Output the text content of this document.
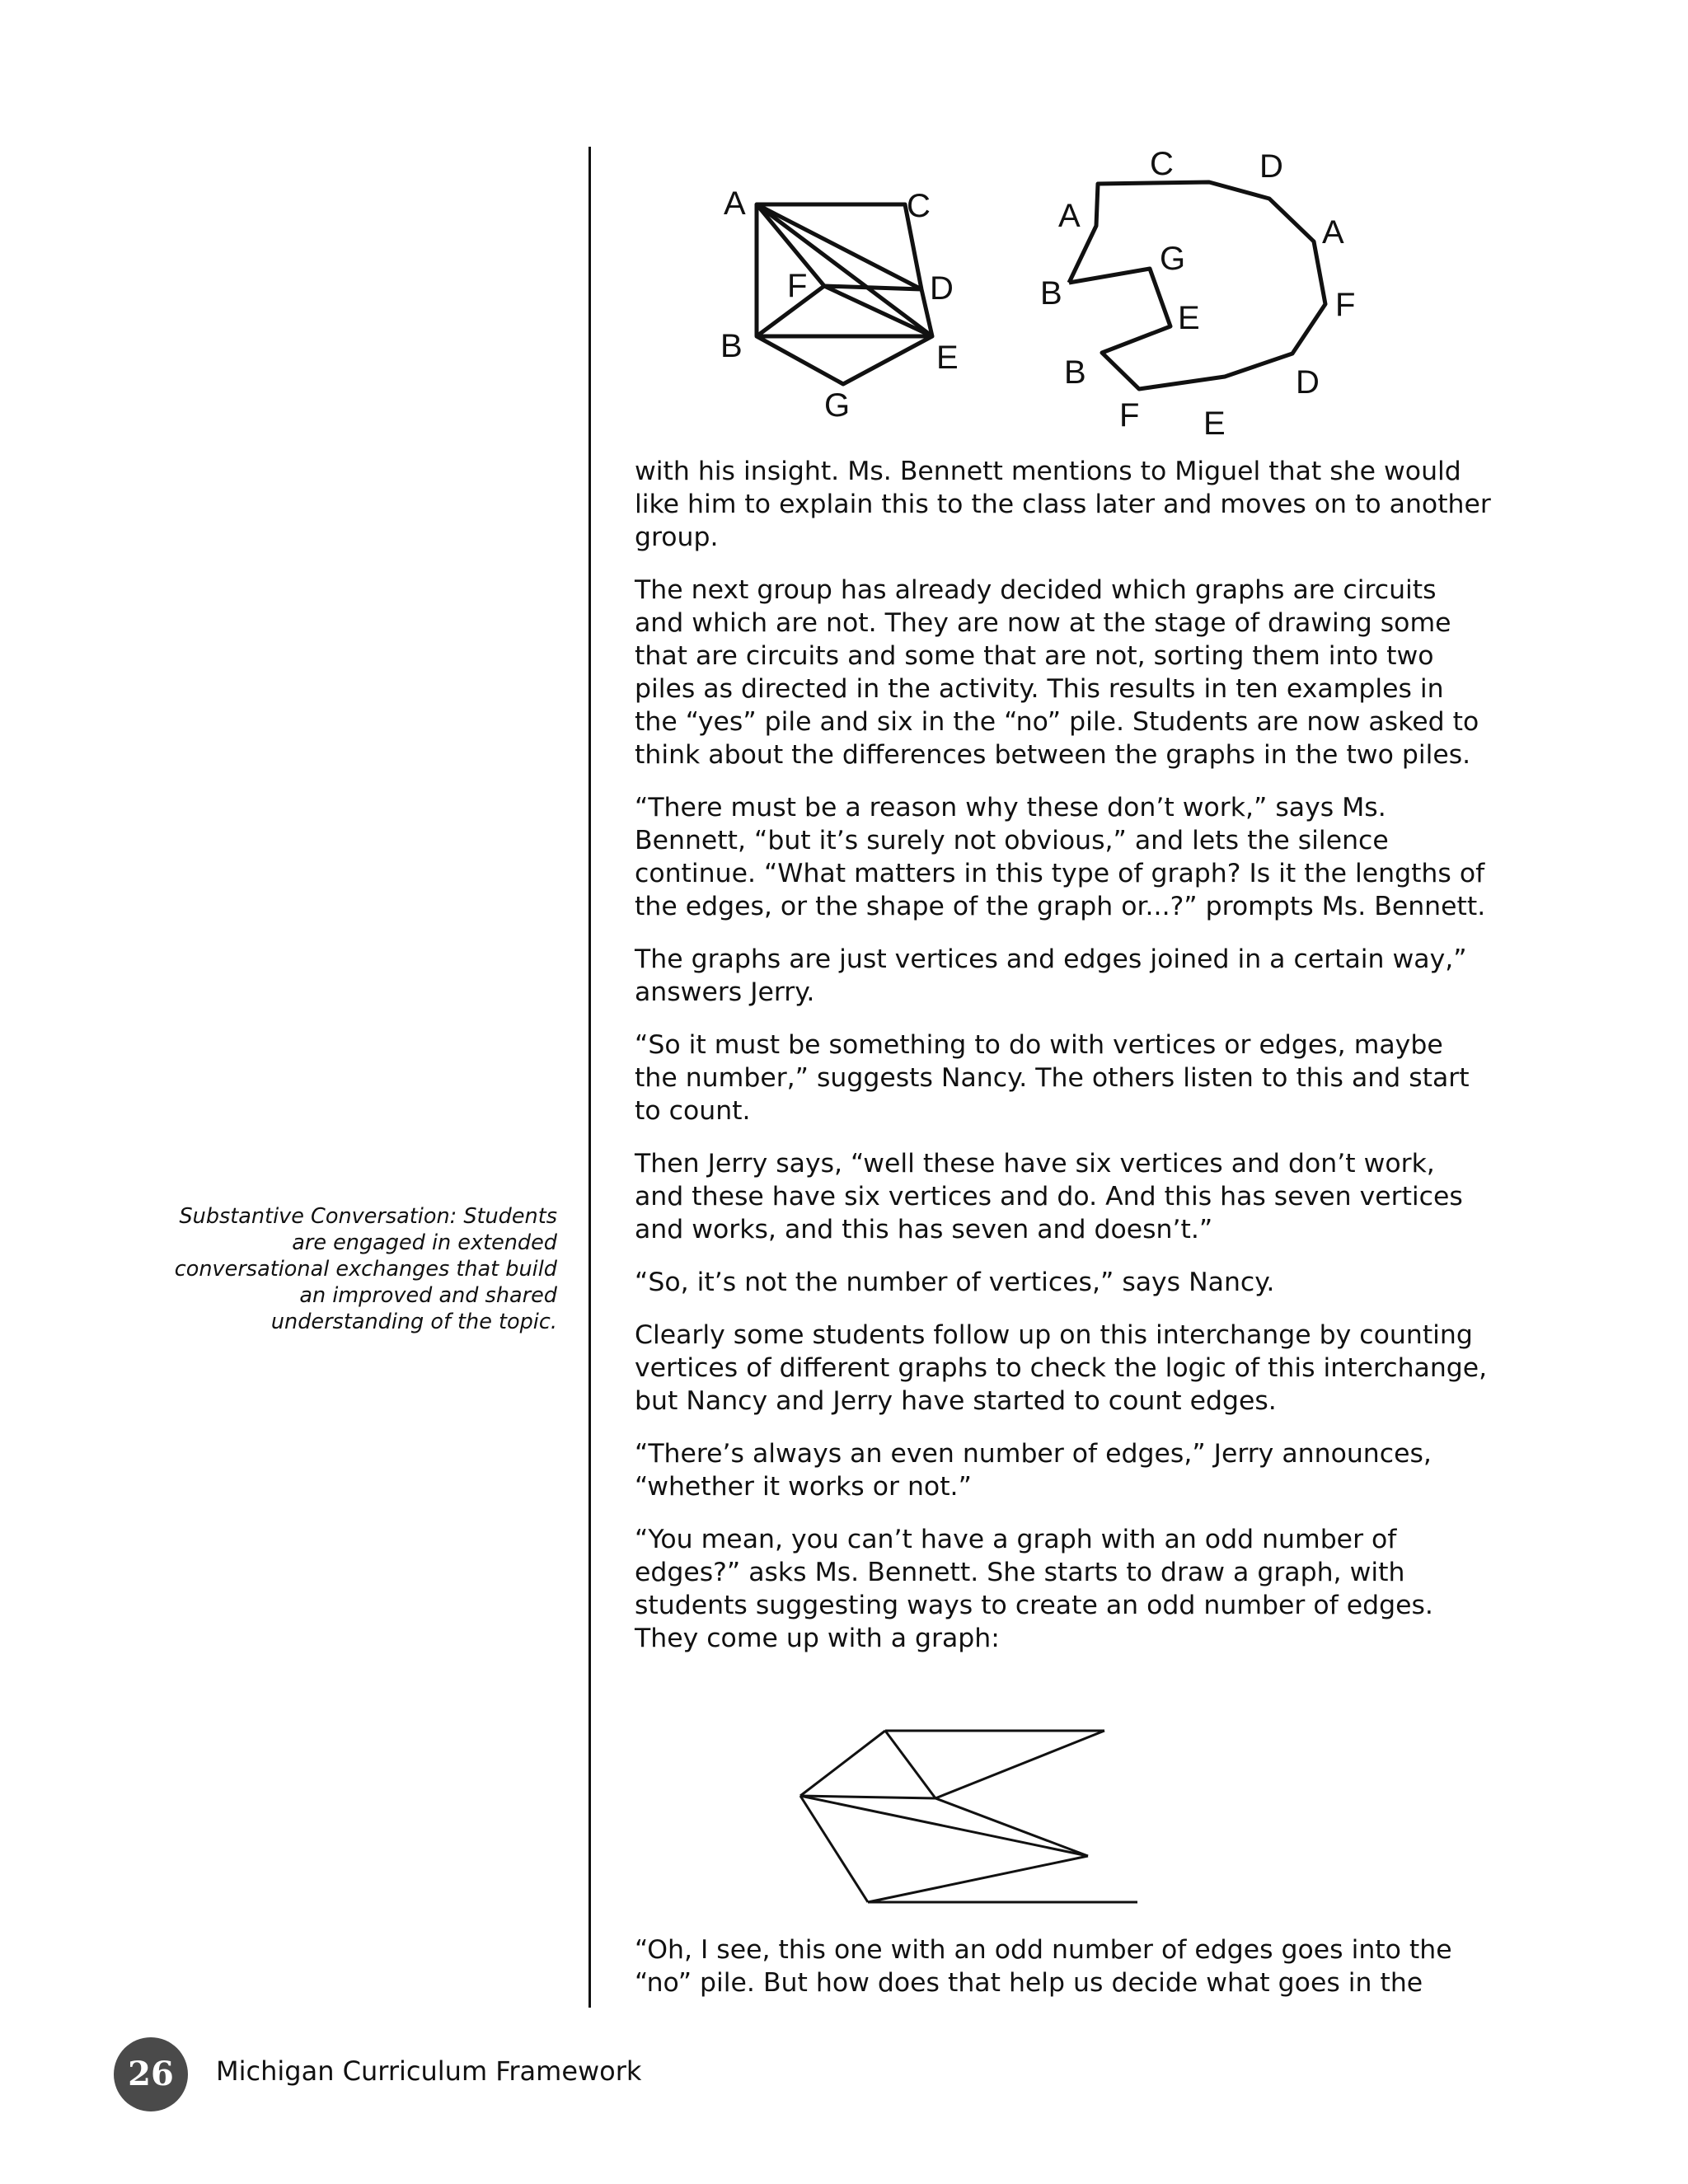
A	C
F	D
B	E
G
C	D
A	A
G
B	F
E
B	D
F E

with his insight. Ms. Bennett mentions to Miguel that she would like him to explain this to the class later and moves on to another group.

The next group has already decided which graphs are circuits and which are not. They are now at the stage of drawing some that are circuits and some that are not, sorting them into two piles as directed in the activity. This results in ten examples in the “yes” pile and six in the “no” pile. Students are now asked to think about the differences between the graphs in the two piles.

“There must be a reason why these don’t work,” says Ms. Bennett, “but it’s surely not obvious,” and lets the silence continue. “What matters in this type of graph? Is it the lengths of the edges, or the shape of the graph or...?” prompts Ms. Bennett.

The graphs are just vertices and edges joined in a certain way,” answers Jerry.

“So it must be something to do with vertices or edges, maybe the number,” suggests Nancy. The others listen to this and start to count.

Then Jerry says, “well these have six vertices and don’t work, and these have six vertices and do. And this has seven vertices and works, and this has seven and doesn’t.”

“So, it’s not the number of vertices,” says Nancy.

Clearly some students follow up on this interchange by counting vertices of different graphs to check the logic of this interchange, but Nancy and Jerry have started to count edges.

“There’s always an even number of edges,” Jerry announces, “whether it works or not.”

“You mean, you can’t have a graph with an odd number of edges?” asks Ms. Bennett. She starts to draw a graph, with students suggesting ways to create an odd number of edges. They come up with a graph:

“Oh, I see, this one with an odd number of edges goes into the “no” pile. But how does that help us decide what goes in the

Substantive Conversation: Students are engaged in extended conversational exchanges that build an improved and shared understanding of the topic.
26	Michigan Curriculum Framework
